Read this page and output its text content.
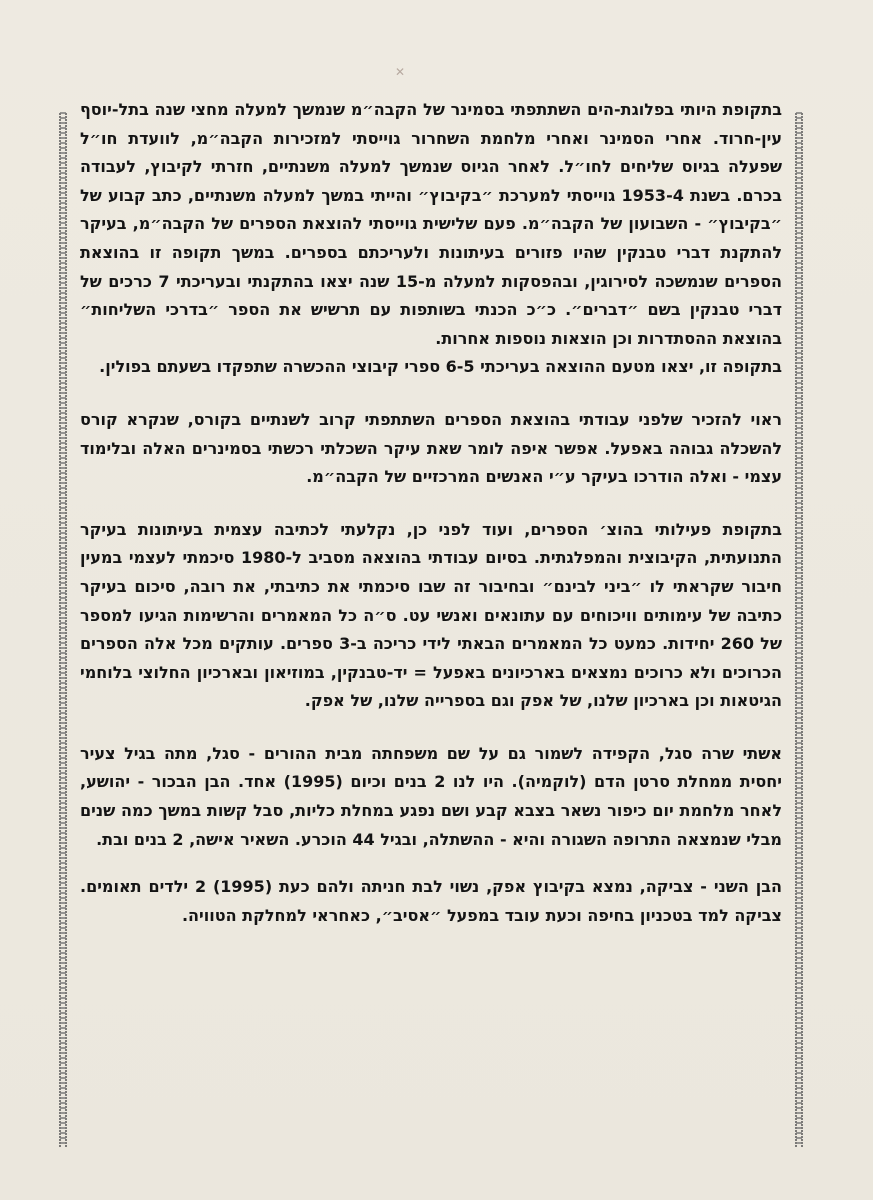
✕

בתקופת היותי בפלוגת-הים השתתפתי בסמינר של הקבה״מ שנמשך למעלה מחצי שנה בתל-יוסף עין-חרוד. אחרי הסמינר ואחרי מלחמת השחרור גוייסתי למזכירות הקבה״מ, לוועדת חו״ל שפעלה בגיוס שליחים לחו״ל. לאחר הגיוס שנמשך למעלה משנתיים, חזרתי לקיבוץ, לעבודה בכרם. בשנת 1953-4 גוייסתי למערכת ״בקיבוץ״ והייתי במשך למעלה משנתיים, כתב קבוע של ״בקיבוץ״ - השבועון של הקבה״מ. פעם שלישית גוייסתי להוצאת הספרים של הקבה״מ, בעיקר להתקנת דברי טבנקין שהיו פזורים בעיתונות ולעריכתם בספרים. במשך תקופה זו בהוצאת הספרים שנמשכה לסירוגין, ובהפסקות למעלה מ-15 שנה יצאו בהתקנתי ובעריכתי 7 כרכים של דברי טבנקין בשם ״דברים״. כ״כ הכנתי בשותפות עם תרשיש את הספר ״בדרכי השליחות״ בהוצאת ההסתדרות וכן הוצאות נוספות אחרות.

בתקופה זו, יצאו מטעם ההוצאה בעריכתי 6-5 ספרי קיבוצי ההכשרה שתפקדו בשעתם בפולין.

ראוי להזכיר שלפני עבודתי בהוצאת הספרים השתתפתי קרוב לשנתיים בקורס, שנקרא קורס להשכלה גבוהה באפעל. אפשר איפה לומר שאת עיקר השכלתי רכשתי בסמינרים האלה ובלימוד עצמי - ואלה הודרכו בעיקר ע״י האנשים המרכזיים של הקבה״מ.

בתקופת פעילותי בהוצ׳ הספרים, ועוד לפני כן, נקלעתי לכתיבה עצמית בעיתונות בעיקר התנועתית, הקיבוצית והמפלגתית. בסיום עבודתי בהוצאה מסביב ל-1980 סיכמתי לעצמי במעין חיבור שקראתי לו ״ביני לבינם״ ובחיבור זה שבו סיכמתי את כתיבתי, את רובה, סיכום בעיקר כתיבה של עימותים וויכוחים עם עתונאים ואנשי עט. ס״ה כל המאמרים והרשימות הגיעו למספר של 260 יחידות. כמעט כל המאמרים הבאתי לידי כריכה ב-3 ספרים. עותקים מכל אלה הספרים הכרוכים ולא כרוכים נמצאים בארכיונים באפעל = יד-טבנקין, במוזיאון ובארכיון החלוצי בלוחמי הגיטאות וכן בארכיון שלנו, של אפק וגם בספרייה שלנו, של אפק.

אשתי שרה סגל, הקפידה לשמור גם על שם משפחתה מבית ההורים - סגל, מתה בגיל צעיר יחסית ממחלת סרטן הדם (לוקמיה). היו לנו 2 בנים וכיום (1995) אחד. הבן הבכור - יהושע, לאחר מלחמת יום כיפור נשאר בצבא קבע ושם נפגע במחלת כליות, סבל קשות במשך כמה שנים מבלי שנמצאה התרופה השגורה והיא - ההשתלה, ובגיל 44 הוכרע. השאיר אישה, 2 בנים ובת.

הבן השני - צביקה, נמצא בקיבוץ אפק, נשוי לבת חניתה ולהם כעת (1995) 2 ילדים תאומים. צביקה למד בטכניון בחיפה וכעת עובד במפעל ״אסיב״, כאחראי למחלקת הטוויה.
